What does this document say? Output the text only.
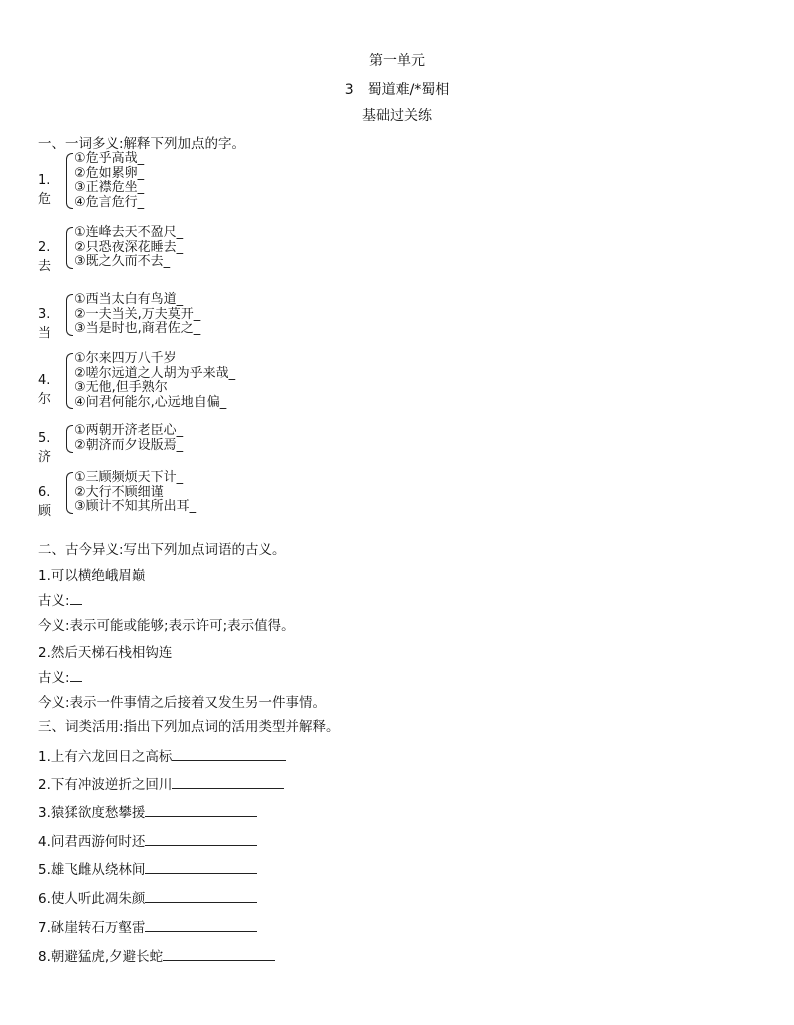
第一单元
3　蜀道难/*蜀相
基础过关练
一、一词多义:解释下列加点的字。
1.危
①危乎高哉_
②危如累卵_
③正襟危坐_
④危言危行_
2.去
①连峰去天不盈尺_
②只恐夜深花睡去_
③既之久而不去_
3.当
①西当太白有鸟道_
②一夫当关,万夫莫开_
③当是时也,商君佐之_
4.尔
①尔来四万八千岁
②嗟尔远道之人胡为乎来哉_
③无他,但手熟尔
④问君何能尔,心远地自偏_
5.济
①两朝开济老臣心_
②朝济而夕设版焉_
6.顾
①三顾频烦天下计_
②大行不顾细谨
③顾计不知其所出耳_
二、古今异义:写出下列加点词语的古义。
1.可以横绝峨眉巅
古义:
今义:表示可能或能够;表示许可;表示值得。
2.然后天梯石栈相钩连
古义:
今义:表示一件事情之后接着又发生另一件事情。
三、词类活用:指出下列加点词的活用类型并解释。
1.上有六龙回日之高标
2.下有冲波逆折之回川
3.猿猱欲度愁攀援
4.问君西游何时还
5.雄飞雌从绕林间
6.使人听此凋朱颜
7.砯崖转石万壑雷
8.朝避猛虎,夕避长蛇
